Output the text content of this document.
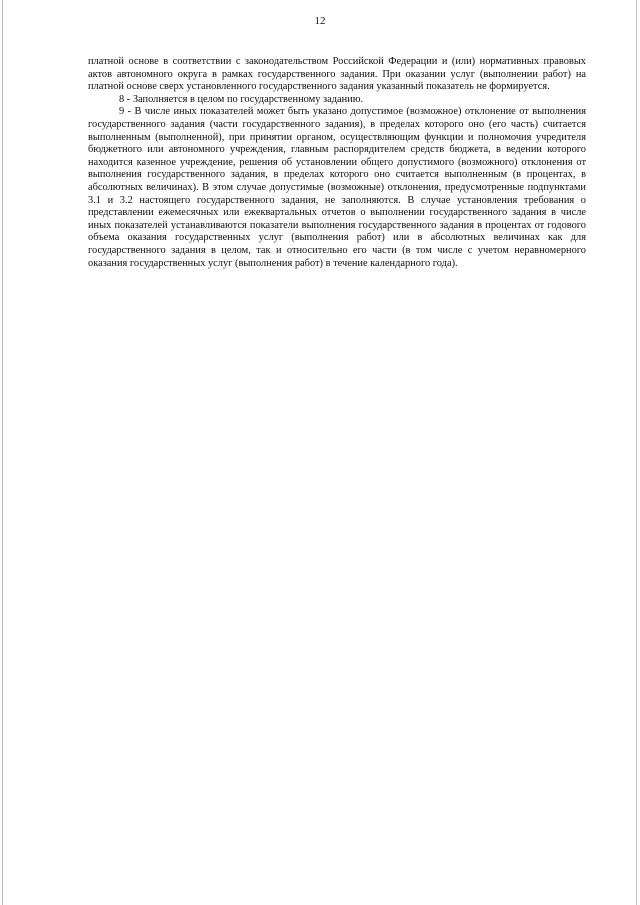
12

платной основе в соответствии с законодательством Российской Федерации и (или) нормативных правовых актов автономного округа в рамках государственного задания. При оказании услуг (выполнении работ) на платной основе сверх установленного государственного задания указанный показатель не формируется.

8 - Заполняется в целом по государственному заданию.

9 - В числе иных показателей может быть указано допустимое (возможное) отклонение от выполнения государственного задания (части государственного задания), в пределах которого оно (его часть) считается выполненным (выполненной), при принятии органом, осуществляющим функции и полномочия учредителя бюджетного или автономного учреждения, главным распорядителем средств бюджета, в ведении которого находится казенное учреждение, решения об установлении общего допустимого (возможного) отклонения от выполнения государственного задания, в пределах которого оно считается выполненным (в процентах, в абсолютных величинах). В этом случае допустимые (возможные) отклонения, предусмотренные подпунктами 3.1 и 3.2 настоящего государственного задания, не заполняются. В случае установления требования о представлении ежемесячных или ежеквартальных отчетов о выполнении государственного задания в числе иных показателей устанавливаются показатели выполнения государственного задания в процентах от годового объема оказания государственных услуг (выполнения работ) или в абсолютных величинах как для государственного задания в целом, так и относительно его части (в том числе с учетом неравномерного оказания государственных услуг (выполнения работ) в течение календарного года).
